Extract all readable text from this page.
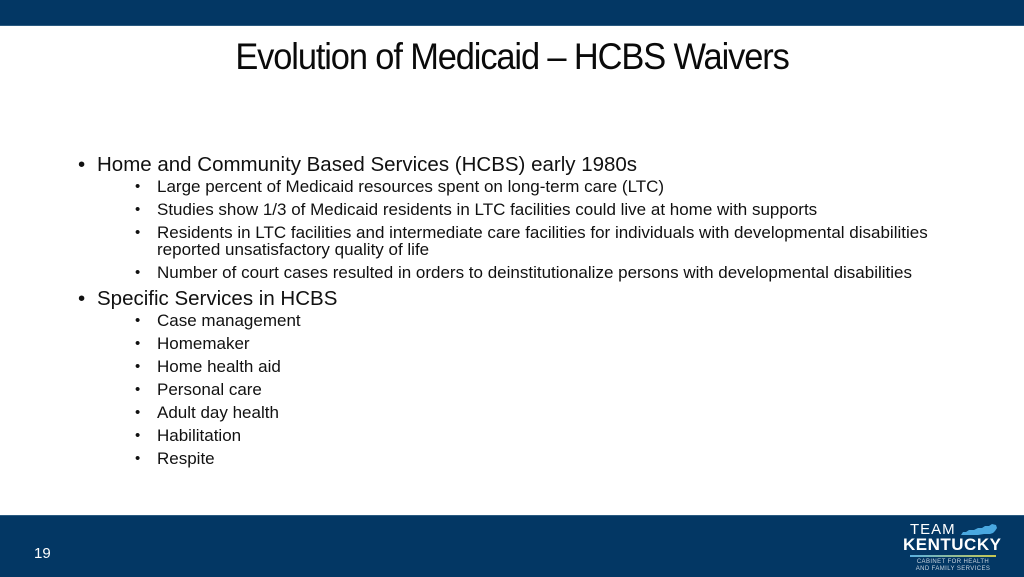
Evolution of Medicaid – HCBS Waivers
• Home and Community Based Services (HCBS) early 1980s
• Large percent of Medicaid resources spent on long-term care (LTC)
• Studies show 1/3 of Medicaid residents in LTC facilities could live at home with supports
• Residents in LTC facilities and intermediate care facilities for individuals with developmental disabilities reported unsatisfactory quality of life
• Number of court cases resulted in orders to deinstitutionalize persons with developmental disabilities
• Specific Services in HCBS
• Case management
• Homemaker
• Home health aid
• Personal care
• Adult day health
• Habilitation
• Respite
19
TEAM
KENTUCKY
CABINET FOR HEALTH
AND FAMILY SERVICES
